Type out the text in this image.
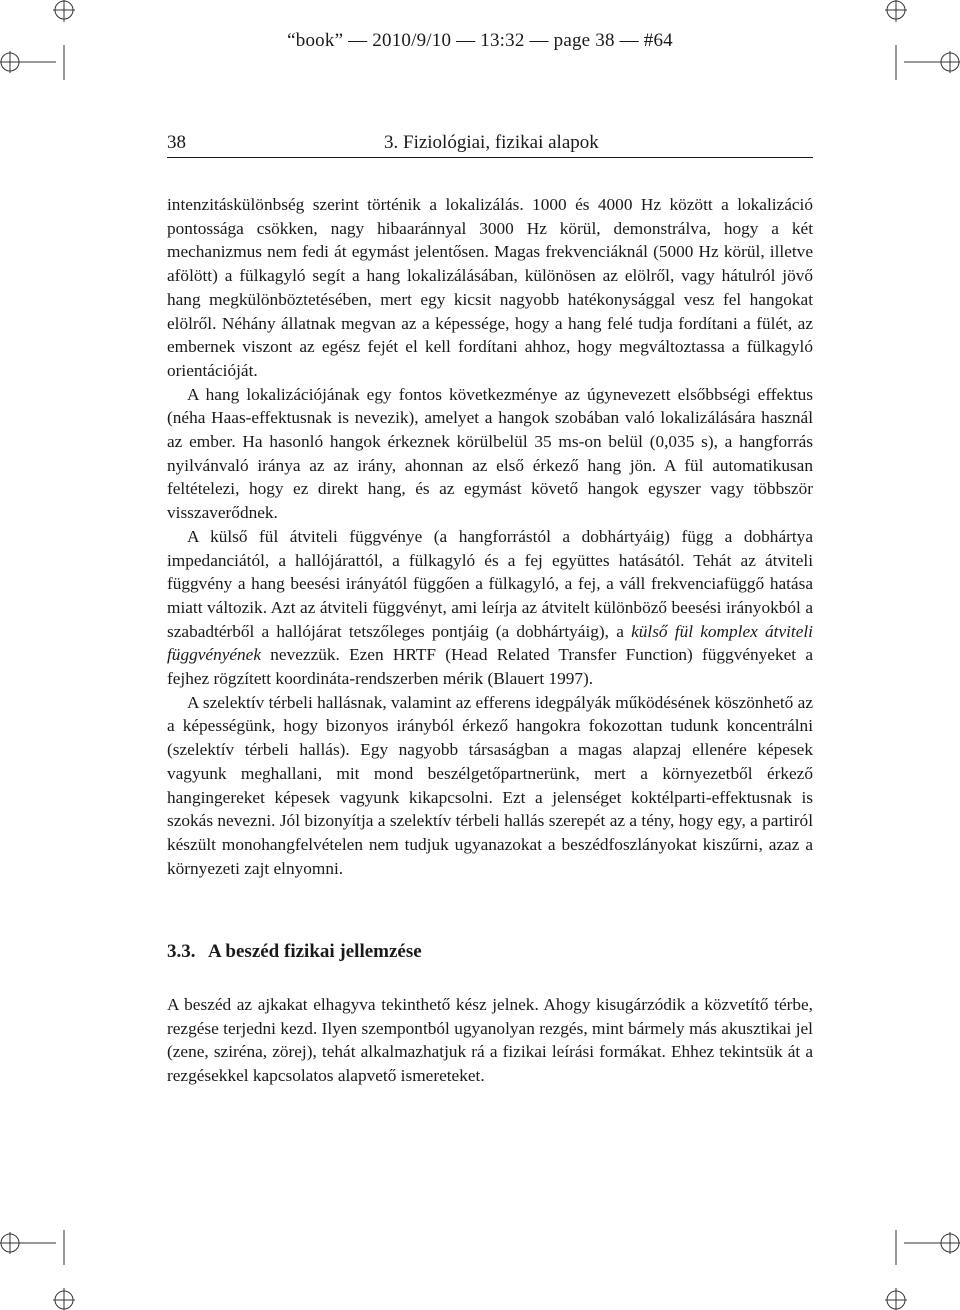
“book” — 2010/9/10 — 13:32 — page 38 — #64
38	3. Fiziológiai, fizikai alapok

intenzitáskülönbség szerint történik a lokalizálás. 1000 és 4000 Hz között a lokalizáció pontossága csökken, nagy hibaaránnyal 3000 Hz körül, demonstrálva, hogy a két mechanizmus nem fedi át egymást jelentősen. Magas frekvenciáknál (5000 Hz körül, illetve afölött) a fülkagyló segít a hang lokalizálásában, különösen az elölről, vagy hátulról jövő hang megkülönböztetésében, mert egy kicsit nagyobb hatékonysággal vesz fel hangokat elölről. Néhány állatnak megvan az a képessége, hogy a hang felé tudja fordítani a fülét, az embernek viszont az egész fejét el kell fordítani ahhoz, hogy megváltoztassa a fülkagyló orientációját.

A hang lokalizációjának egy fontos következménye az úgynevezett elsőbbségi effektus (néha Haas-effektusnak is nevezik), amelyet a hangok szobában való lokalizálására használ az ember. Ha hasonló hangok érkeznek körülbelül 35 ms-on belül (0,035 s), a hangforrás nyilvánvaló iránya az az irány, ahonnan az első érkező hang jön. A fül automatikusan feltételezi, hogy ez direkt hang, és az egymást követő hangok egyszer vagy többször visszaverődnek.

A külső fül átviteli függvénye (a hangforrástól a dobhártyáig) függ a dobhártya impedanciától, a hallójárattól, a fülkagyló és a fej együttes hatásától. Tehát az átviteli függvény a hang beesési irányától függően a fülkagyló, a fej, a váll frekvenciafüggő hatása miatt változik. Azt az átviteli függvényt, ami leírja az átvitelt különböző beesési irányokból a szabadtérből a hallójárat tetszőleges pontjáig (a dobhártyáig), a külső fül komplex átviteli függvényének nevezzük. Ezen HRTF (Head Related Transfer Function) függvényeket a fejhez rögzített koordináta-rendszerben mérik (Blauert 1997).

A szelektív térbeli hallásnak, valamint az efferens idegpályák működésének köszönhető az a képességünk, hogy bizonyos irányból érkező hangokra fokozottan tudunk koncentrálni (szelektív térbeli hallás). Egy nagyobb társaságban a magas alapzaj ellenére képesek vagyunk meghallani, mit mond beszélgetőpartnerünk, mert a környezetből érkező hangingereket képesek vagyunk kikapcsolni. Ezt a jelenséget koktélparti-effektusnak is szokás nevezni. Jól bizonyítja a szelektív térbeli hallás szerepét az a tény, hogy egy, a partiról készült monohangfelvételen nem tudjuk ugyanazokat a beszédfoszlányokat kiszűrni, azaz a környezeti zajt elnyomni.

3.3. A beszéd fizikai jellemzése

A beszéd az ajkakat elhagyva tekinthető kész jelnek. Ahogy kisugárzódik a közvetítő térbe, rezgése terjedni kezd. Ilyen szempontból ugyanolyan rezgés, mint bármely más akusztikai jel (zene, sziréna, zörej), tehát alkalmazhatjuk rá a fizikai leírási formákat. Ehhez tekintsük át a rezgésekkel kapcsolatos alapvető ismereteket.
